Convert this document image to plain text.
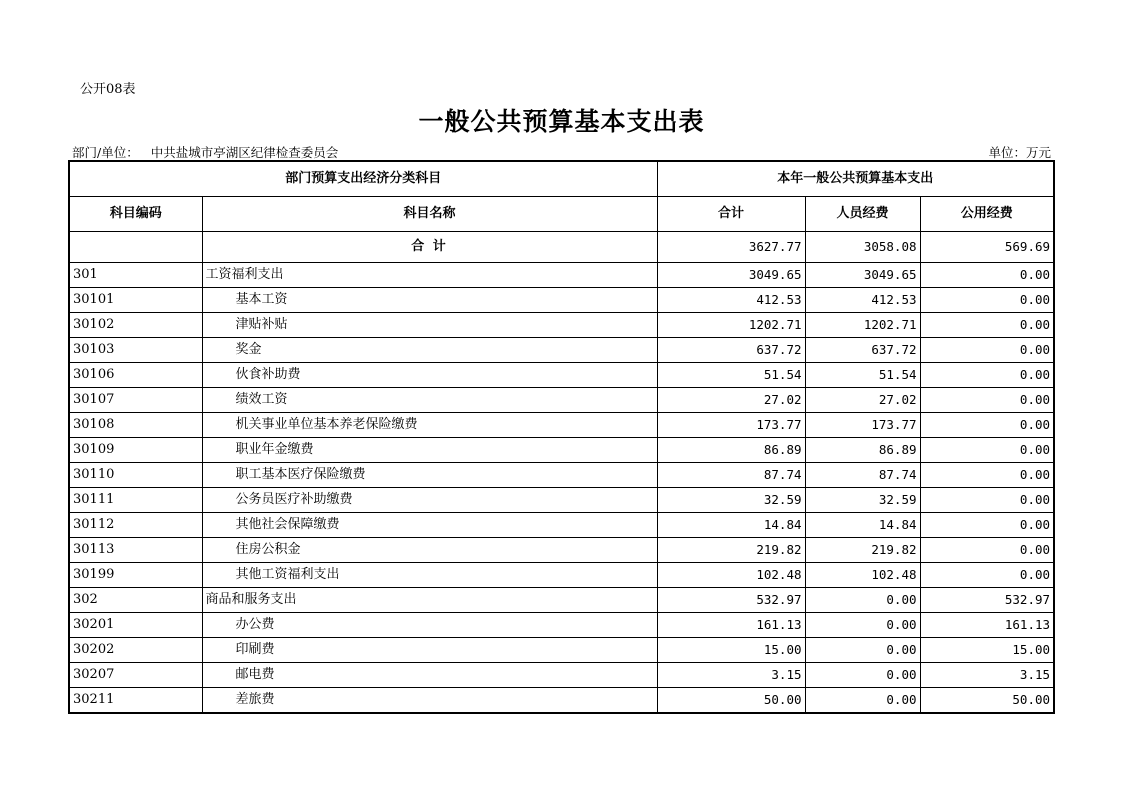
公开08表
一般公共预算基本支出表
部门/单位： 中共盐城市亭湖区纪律检查委员会	单位：万元
部门预算支出经济分类科目		本年一般公共预算基本支出		
科目编码	科目名称	合计	人员经费	公用经费
	合 计	3627.77	3058.08	569.69
301	工资福利支出	3049.65	3049.65	0.00
30101	基本工资	412.53	412.53	0.00
30102	津贴补贴	1202.71	1202.71	0.00
30103	奖金	637.72	637.72	0.00
30106	伙食补助费	51.54	51.54	0.00
30107	绩效工资	27.02	27.02	0.00
30108	机关事业单位基本养老保险缴费	173.77	173.77	0.00
30109	职业年金缴费	86.89	86.89	0.00
30110	职工基本医疗保险缴费	87.74	87.74	0.00
30111	公务员医疗补助缴费	32.59	32.59	0.00
30112	其他社会保障缴费	14.84	14.84	0.00
30113	住房公积金	219.82	219.82	0.00
30199	其他工资福利支出	102.48	102.48	0.00
302	商品和服务支出	532.97	0.00	532.97
30201	办公费	161.13	0.00	161.13
30202	印刷费	15.00	0.00	15.00
30207	邮电费	3.15	0.00	3.15
30211	差旅费	50.00	0.00	50.00
